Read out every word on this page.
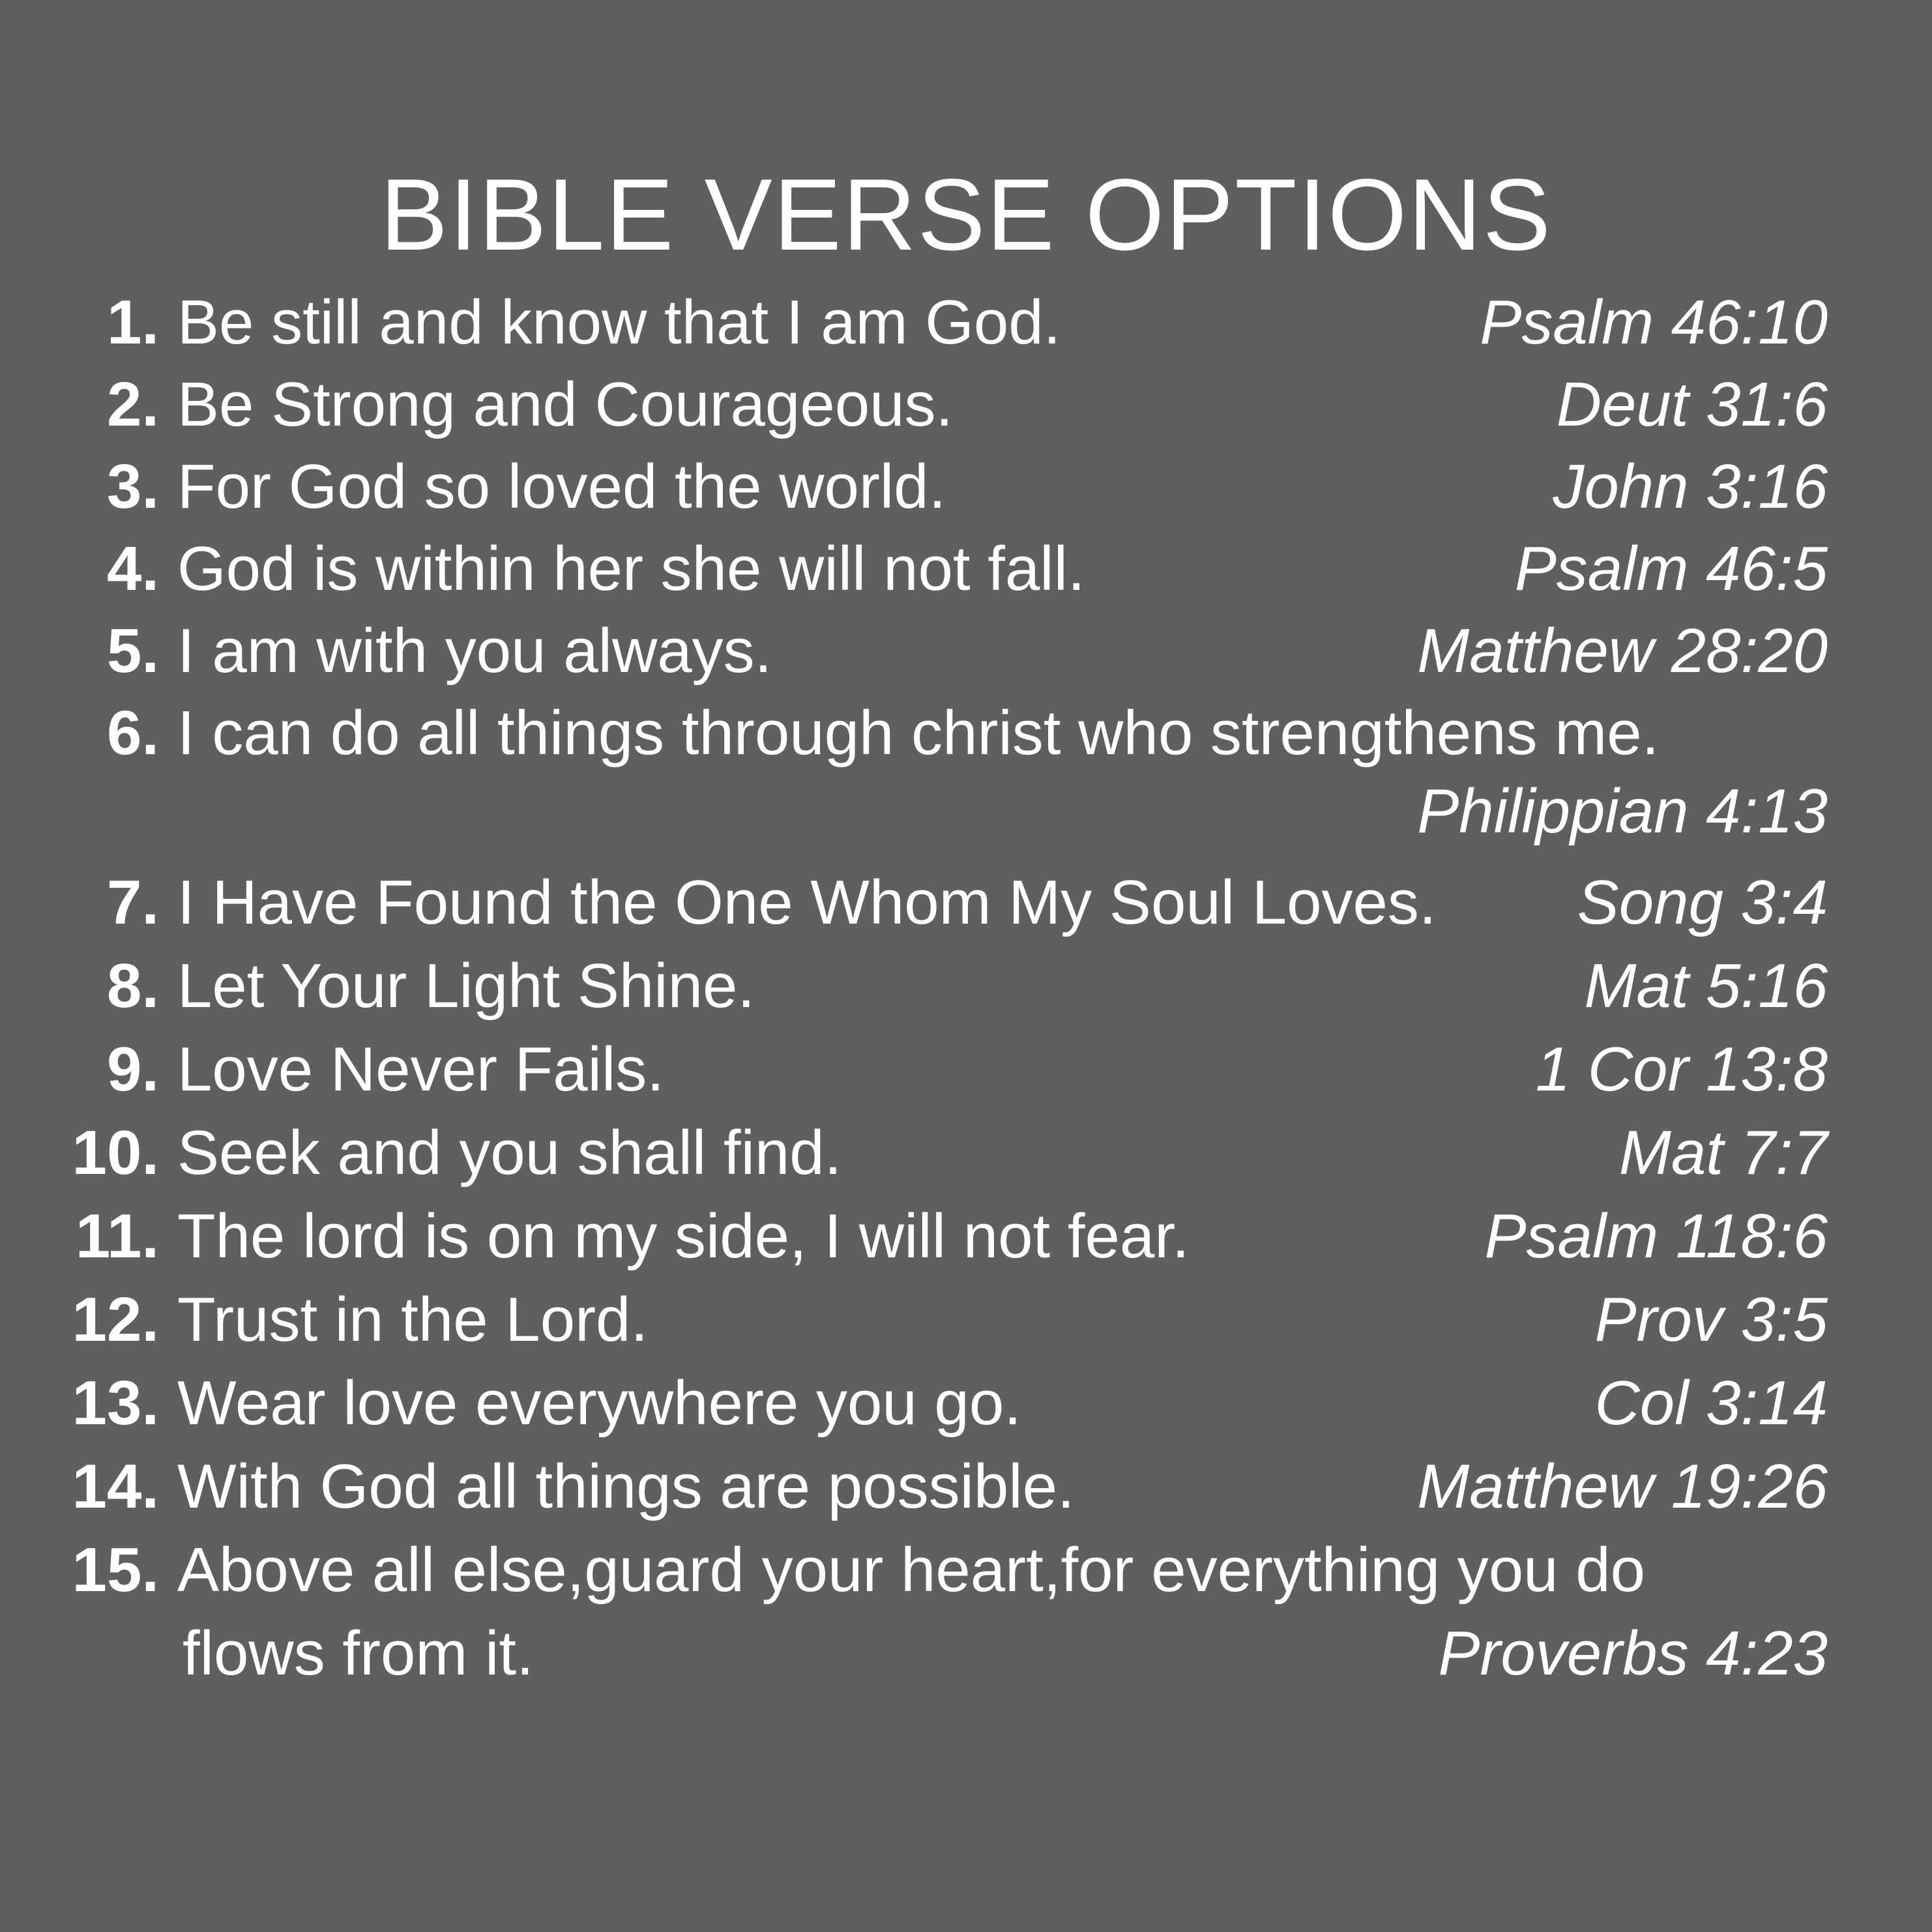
BIBLE VERSE OPTIONS
1. Be still and know that I am God.	Psalm 46:10
2. Be Strong and Courageous.	Deut 31:6
3. For God so loved the world.	John 3:16
4. God is within her she will not fall.	Psalm 46:5
5. I am with you always.	Matthew 28:20
6. I can do all things through christ who strengthens me.
Philippian 4:13
7. I Have Found the One Whom My Soul Loves. Song 3:4
8. Let Your Light Shine.	Mat 5:16
9. Love Never Fails.	1 Cor 13:8
10. Seek and you shall find.	Mat 7:7
11. The lord is on my side, I will not fear.	Psalm 118:6
12. Trust in the Lord.	Prov 3:5
13. Wear love everywhere you go.	Col 3:14
14. With God all things are possible.	Matthew 19:26
15. Above all else,guard your heart,for everything you do
flows from it.	Proverbs 4:23
